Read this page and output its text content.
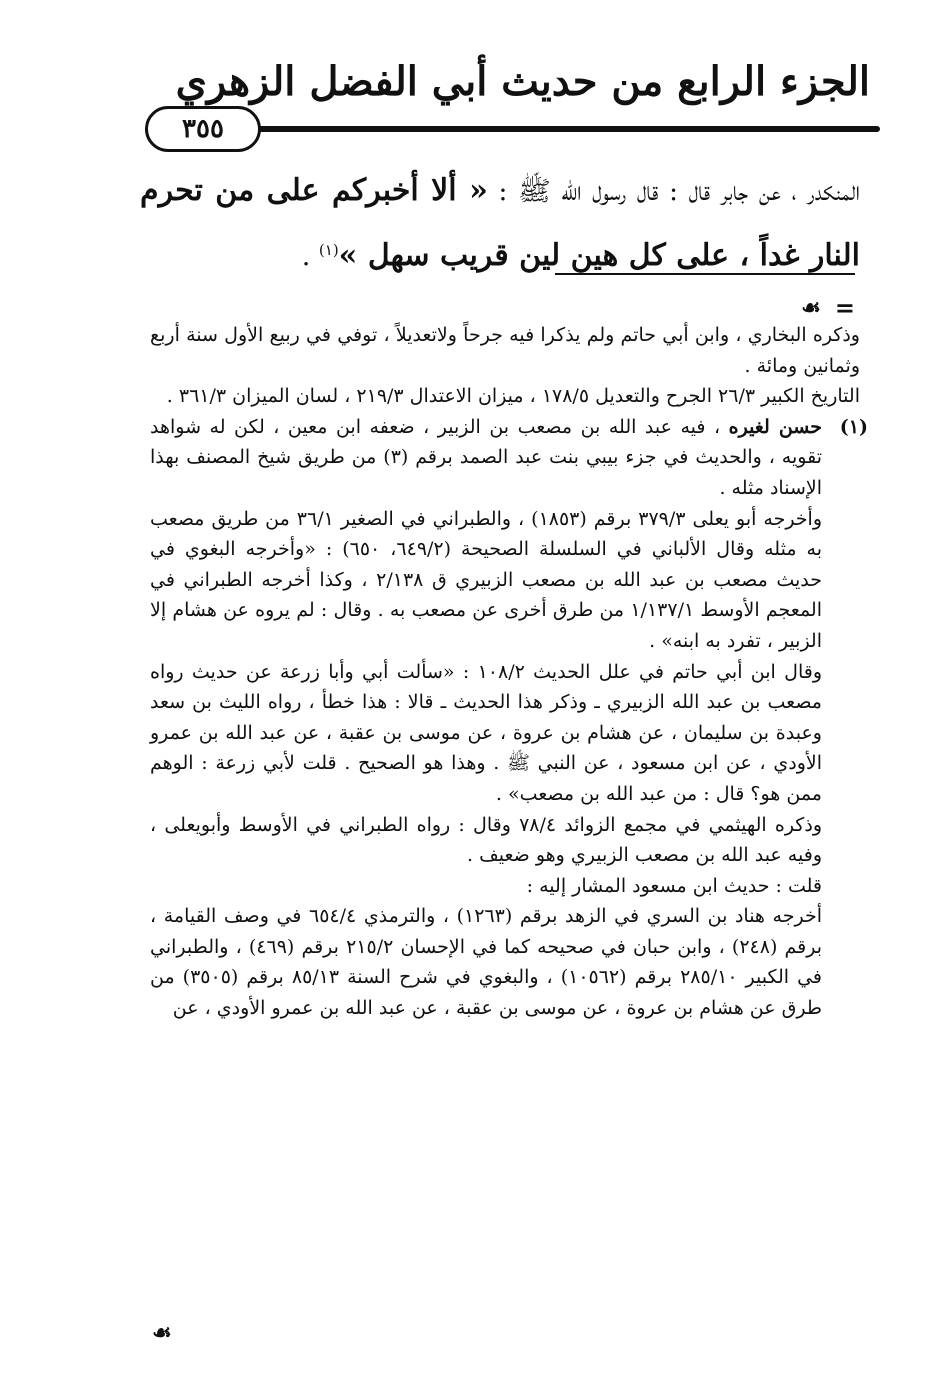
الجزء الرابع من حديث أبي الفضل الزهري
٣٥٥
المنكدر ، عن جابر قال : قال رسول الله ﷺ : « ألا أخبركم على من تحرم النار غداً ، على كل هين لين قريب سهل »$^{(١)}$ .
=
☙

وذكره البخاري ، وابن أبي حاتم ولم يذكرا فيه جرحاً ولاتعديلاً ، توفي في ربيع الأول سنة أربع وثمانين ومائة .

التاريخ الكبير ٢٦/٣ الجرح والتعديل ١٧٨/٥ ، ميزان الاعتدال ٢١٩/٣ ، لسان الميزان ٣٦١/٣ .

(١)

حسن لغيره ، فيه عبد الله بن مصعب بن الزبير ، ضعفه ابن معين ، لكن له شواهد تقويه ، والحديث في جزء بيبي بنت عبد الصمد برقم (٣) من طريق شيخ المصنف بهذا الإسناد مثله .

وأخرجه أبو يعلى ٣٧٩/٣ برقم (١٨٥٣) ، والطبراني في الصغير ٣٦/١ من طريق مصعب به مثله وقال الألباني في السلسلة الصحيحة (٦٤٩/٢، ٦٥٠) : «وأخرجه البغوي في حديث مصعب بن عبد الله بن مصعب الزبيري ق ٢/١٣٨ ، وكذا أخرجه الطبراني في المعجم الأوسط ١/١٣٧/١ من طرق أخرى عن مصعب به . وقال : لم يروه عن هشام إلا الزبير ، تفرد به ابنه» .

وقال ابن أبي حاتم في علل الحديث ١٠٨/٢ : «سألت أبي وأبا زرعة عن حديث رواه مصعب بن عبد الله الزبيري ـ وذكر هذا الحديث ـ قالا : هذا خطأ ، رواه الليث بن سعد وعبدة بن سليمان ، عن هشام بن عروة ، عن موسى بن عقبة ، عن عبد الله بن عمرو الأودي ، عن ابن مسعود ، عن النبي ﷺ . وهذا هو الصحيح . قلت لأبي زرعة : الوهم ممن هو؟ قال : من عبد الله بن مصعب» .

وذكره الهيثمي في مجمع الزوائد ٧٨/٤ وقال : رواه الطبراني في الأوسط وأبويعلى ، وفيه عبد الله بن مصعب الزبيري وهو ضعيف .

قلت : حديث ابن مسعود المشار إليه :

أخرجه هناد بن السري في الزهد برقم (١٢٦٣) ، والترمذي ٦٥٤/٤ في وصف القيامة ، برقم (٢٤٨) ، وابن حبان في صحيحه كما في الإحسان ٢١٥/٢ برقم (٤٦٩) ، والطبراني في الكبير ٢٨٥/١٠ برقم (١٠٥٦٢) ، والبغوي في شرح السنة ٨٥/١٣ برقم (٣٥٠٥) من طرق عن هشام بن عروة ، عن موسى بن عقبة ، عن عبد الله بن عمرو الأودي ، عن

☙
